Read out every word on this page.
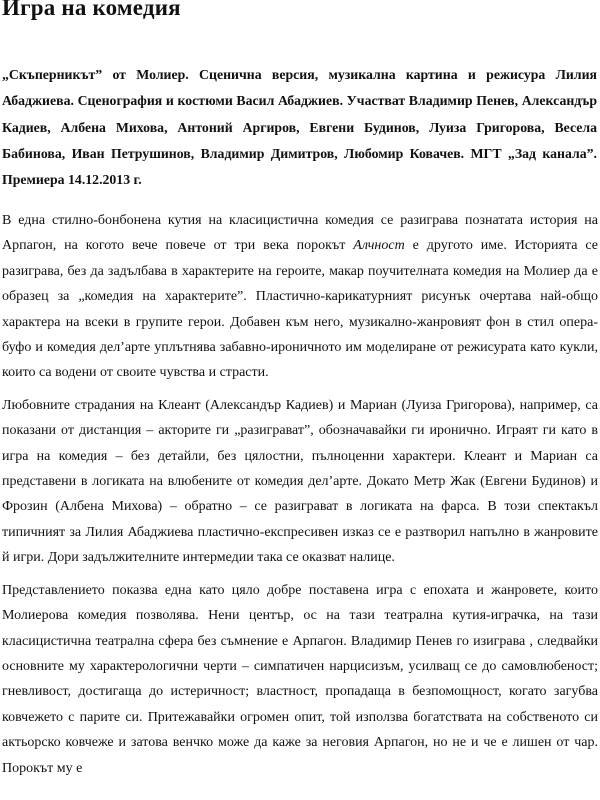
Игра на комедия

„Скъперникът” от Молиер. Сценична версия, музикална картина и режисура Лилия Абаджиева. Сценография и костюми Васил Абаджиев. Участват Владимир Пенев, Александър Кадиев, Албена Михова, Антоний Аргиров, Евгени Будинов, Луиза Григорова, Весела Бабинова, Иван Петрушинов, Владимир Димитров, Любомир Ковачев. МГТ „Зад канала”. Премиера 14.12.2013 г.

В една стилно-бонбонена кутия на класицистична комедия се разиграва познатата история на Арпагон, на когото вече повече от три века порокът Алчност е другото име. Историята се разиграва, без да задълбава в характерите на героите, макар поучителната комедия на Молиер да е образец за „комедия на характерите”. Пластично-карикатурният рисунък очертава най-общо характера на всеки в групите герои. Добавен към него, музикално-жанровият фон в стил опера-буфо и комедия дел’арте уплътнява забавно-ироничното им моделиране от режисурата като кукли, които са водени от своите чувства и страсти.

Любовните страдания на Клеант (Александър Кадиев) и Мариан (Луиза Григорова), например, са показани от дистанция – акторите ги „разиграват”, обозначавайки ги иронично. Играят ги като в игра на комедия – без детайли, без цялостни, пълноценни характери. Клеант и Мариан са представени в логиката на влюбените от комедия дел’арте. Докато Метр Жак (Евгени Будинов) и Фрозин (Албена Михова) – обратно – се разиграват в логиката на фарса. В този спектакъл типичният за Лилия Абаджиева пластично-експресивен изказ се е разтворил напълно в жанровите й игри. Дори задължителните интермедии така се оказват налице.

Представлението показва една като цяло добре поставена игра с епохата и жанровете, които Молиерова комедия позволява. Нени център, ос на тази театрална кутия-играчка, на тази класицистична театрална сфера без съмнение е Арпагон. Владимир Пенев го изиграва , следвайки основните му характерологични черти – симпатичен нарцисизъм, усилващ се до самовлюбеност; гневливост, достигаща до истеричност; властност, пропадаща в безпомощност, когато загубва ковчежето с парите си. Притежавайки огромен опит, той използва богатствата на собственото си актьорско ковчеже и затова венчко може да каже за неговия Арпагон, но не и че е лишен от чар. Порокът му е
